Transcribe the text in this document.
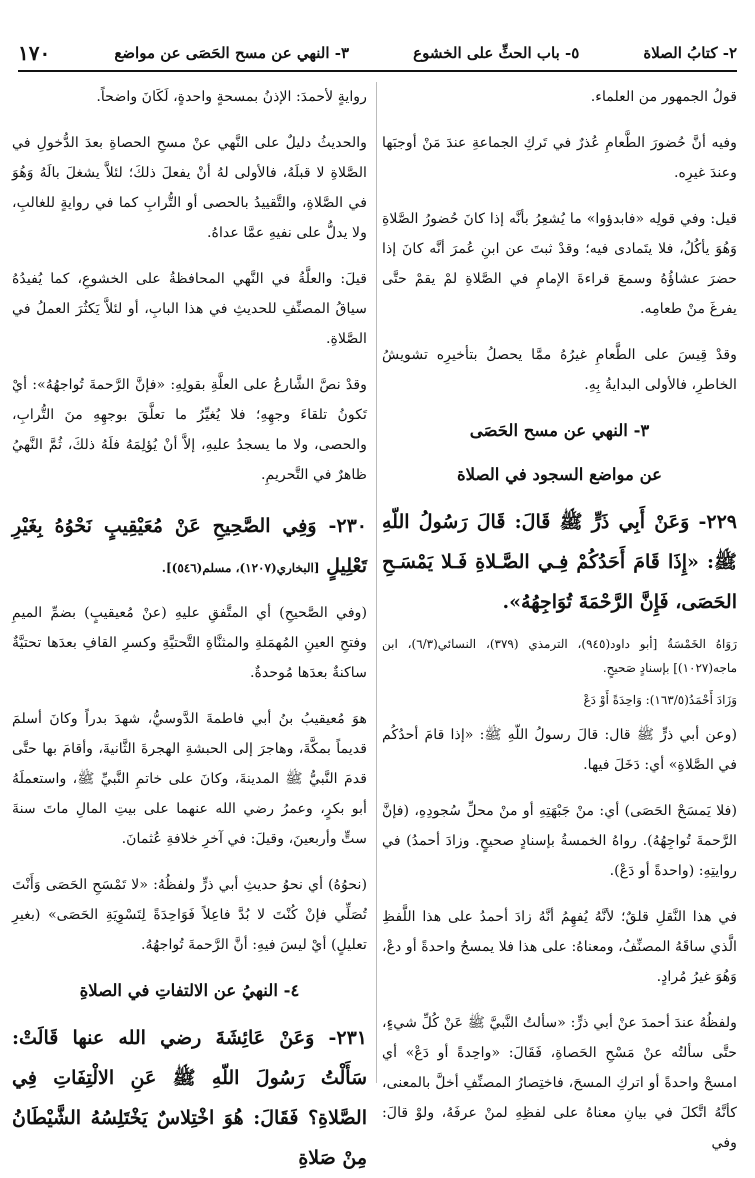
٢- كتابُ الصلاة
٥- باب الحثِّ على الخشوع
٣- النهي عن مسح الحَصَى عن مواضع
١٧٠

قولُ الجمهور من العلماء.

وفيه أنَّ حُضورَ الطَّعامِ عُذرٌ في تَركِ الجماعةِ عندَ مَنْ أوجبَها وعندَ غيرِه.

قيل: وفي قولِه «فابدؤوا» ما يُشعِرُ بأنَّه إذا كانَ حُضورُ الصَّلاةِ وَهُوَ يأكُلُ، فلا يتَمادى فيه؛ وقدْ ثبتَ عن ابنِ عُمرَ أنَّه كانَ إذا حضرَ عشاؤُهُ وسمعَ قراءةَ الإمامِ في الصَّلاةِ لمْ يقمْ حتَّى يفرغَ منْ طعامِه.

وقدْ قِيسَ على الطَّعامِ غيرُهُ ممَّا يحصلُ بتأخيرِه تشويشُ الخاطرِ، فالأولى البدايةُ بِهِ.

٣- النهي عن مسح الحَصَى
عن مواضع السجود في الصلاة

٢٢٩- وَعَنْ أَبِي ذَرٍّ ﷺ قَالَ: قَالَ رَسُولُ اللّهِ ﷺ: «إِذَا قَامَ أَحَدُكُمْ فِـي الصَّـلاةِ فَـلا يَمْسَـحِ الحَصَى، فَإِنَّ الرَّحْمَةَ تُوَاجِهُهُ».

رَوَاهُ الخَمْسَةُ [أبو داود(٩٤٥)، الترمذي (٣٧٩)، النسائي(٦/٣)، ابن ماجه(١٠٢٧)] بإسنادٍ صَحيحٍ.

وَزَادَ أَحْمَدُ(١٦٣/٥): وَاحِدَةً أَوْ دَعْ

(وعن أبي ذرٍّ ﷺ قال: قالَ رسولُ اللّهِ ﷺ: «إذا قامَ أحدُكُم في الصَّلاةِ» أي: دَخَلَ فيها.

(فلا يَمسَحْ الحَصَى) أي: منْ جَبْهَتِهِ أو منْ محلِّ سُجودِهِ، (فإنَّ الرَّحمةَ تُواجِهُهُ). رواهُ الخمسةُ بإسنادٍ صحيحٍ. وزادَ أحمدُ) في روايتِهِ: (واحدةً أو دَعْ).

في هذا النَّقلِ قلقٌ؛ لأنَّهُ يُفهِمُ أنَّهُ زادَ أحمدُ على هذا اللَّفظِ الَّذي ساقَهُ المصنِّفُ، ومعناهُ: على هذا فلا يمسحُ واحدةً أو دعْ، وَهُوَ غيرُ مُرادٍ.

ولفظُهُ عندَ أحمدَ عنْ أبي ذرٍّ: «سألتُ النَّبيَّ ﷺ عَنْ كُلِّ شيءٍ، حتَّى سألتُه عنْ مَسْحِ الحَصاةِ، فَقَالَ: «واحِدةً أو دَعْ» أي امسحْ واحدةً أو اتركِ المسحَ، فاختِصارُ المصنِّفِ أخلَّ بالمعنى، كأنَّهُ اتَّكلَ في بيانِ معناهُ على لفظِهِ لمنْ عرفَهُ، ولوْ قالَ: وفي

روايةٍ لأحمدَ: الإذنُ بمسحةٍ واحدةٍ، لَكَانَ واضحاً.

والحديثُ دليلٌ على النَّهي عنْ مسحِ الحصاةِ بعدَ الدُّخولِ في الصَّلاةِ لا قبلَهُ، فالأولى لهُ أنْ يفعلَ ذلكَ؛ لئلاَّ يشغلَ بالَهُ وَهُوَ في الصَّلاةِ، والتَّقييدُ بالحصى أو التُّرابِ كما في روايةٍ للغالبِ، ولا يدلُّ على نفيهِ عمَّا عداهُ.

قيلَ: والعلَّةُ في النَّهي المحافظةُ على الخشوعِ، كما يُفيدُهُ سياقُ المصنِّفِ للحديثِ في هذا البابِ، أو لئلاَّ يَكثُرَ العملُ في الصَّلاةِ.

وقدْ نصَّ الشَّارعُ على العلَّةِ بقولِهِ: «فإنَّ الرَّحمةَ تُواجهُهُ»: أيْ تَكونُ تلقاءَ وجهِهِ؛ فلا يُغيِّرُ ما تعلَّقَ بوجهِهِ منَ التُّرابِ، والحصى، ولا ما يسجدُ عليهِ، إلاَّ أنْ يُؤلِمَهُ فلَهُ ذلكَ، ثُمَّ النَّهيُ ظاهرٌ في التَّحريمِ.

٢٣٠- وَفِي الصَّحِيحِ عَنْ مُعَيْقِيبٍ نَحْوُهُ بِغَيْرِ تَعْلِيلٍ [البخاري(١٢٠٧)، مسلم(٥٤٦)].

(وفي الصَّحيحِ) أي المتَّفقِ عليهِ (عنْ مُعيقيبٍ) بضمِّ الميمِ وفتحِ العينِ المُهمَلةِ والمثنَّاةِ التَّحتيَّةِ وكسرِ القافِ بعدَها تحتيَّةٌ ساكنةٌ بعدَها مُوحدةٌ.

هوَ مُعيقيبُ بنُ أبي فاطمةَ الدَّوسيُّ، شهدَ بدراً وكانَ أسلمَ قديماً بمكَّةَ، وهاجرَ إلى الحبشةِ الهجرةَ الثَّانيةَ، وأقامَ بها حتَّى قدمَ النَّبيُّ ﷺ المدينةَ، وكانَ على خاتمِ النَّبيِّ ﷺ، واستعملَهُ أبو بكرٍ، وعمرُ رضي الله عنهما على بيتِ المالِ ماتَ سنةَ ستٍّ وأربعينَ، وقيلَ: في آخرِ خلافةِ عُثمانَ.

(نحوُهُ) أي نحوُ حديثِ أبي ذرٍّ ولفظُهُ: «لا تَمْسَحِ الحَصَى وَأَنْتَ تُصَلِّي فإنْ كُنْتَ لا بُدَّ فاعِلاً فَوَاحِدَةً لِتَسْوِيَةِ الحَصَى» (بغيرِ تعليلٍ) أيْ ليسَ فيهِ: أنَّ الرَّحمةَ تُواجهُهُ.

٤- النهيُ عن الالتفاتِ في الصلاةِ

٢٣١- وَعَنْ عَائِشَةَ رضي الله عنها قَالَتْ: سَأَلْتُ رَسُولَ اللّهِ ﷺ عَنِ الالْتِفَاتِ فِي الصَّلاةِ؟ فَقَالَ: هُوَ اخْتِلاسٌ يَخْتَلِسُهُ الشَّيْطَانُ مِنْ صَلاةِ
